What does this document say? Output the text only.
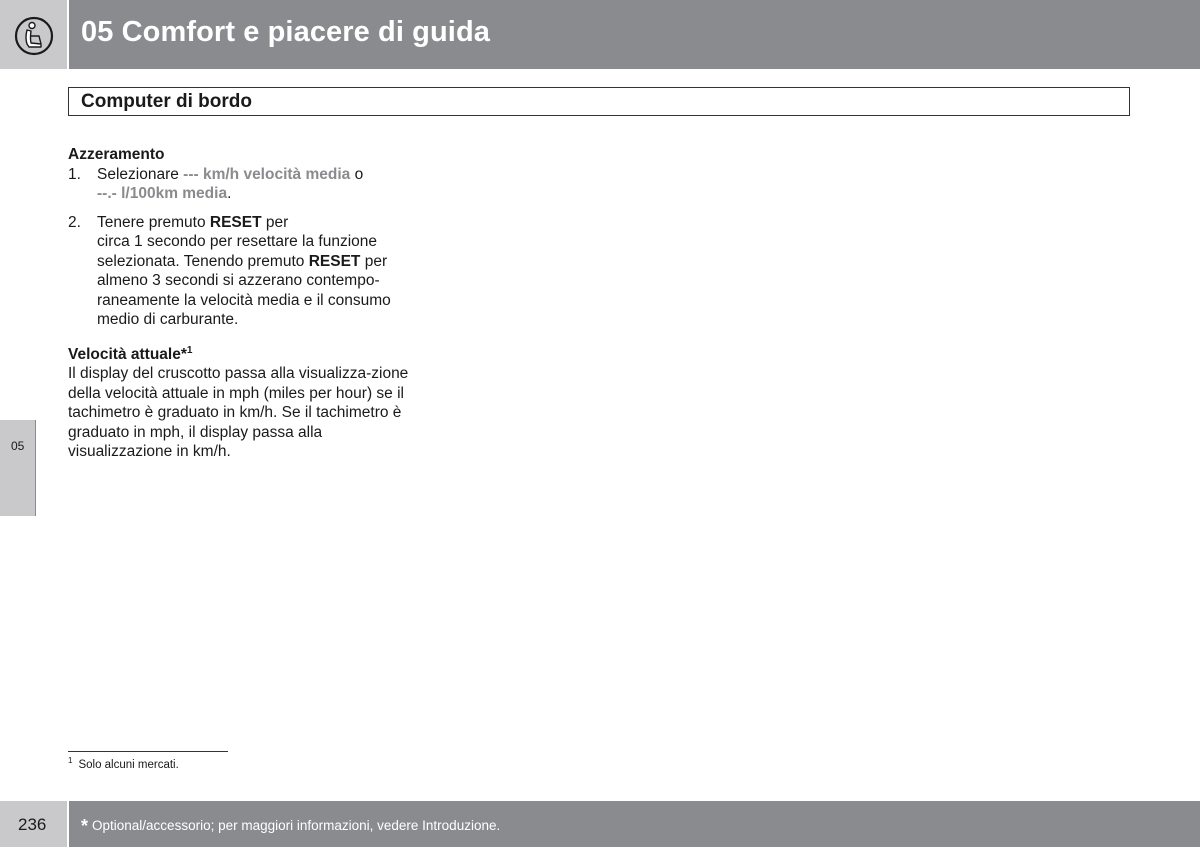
05 Comfort e piacere di guida
Computer di bordo

Azzeramento

1.	Selezionare --- km/h velocità media o
--.- l/100km media.
2.	Tenere premuto RESET per
circa 1 secondo per resettare la funzione selezionata. Tenendo premuto RESET per almeno 3 secondi si azzerano contempo-raneamente la velocità media e il consumo medio di carburante.

Velocità attuale*$^1$

Il display del cruscotto passa alla visualizza-zione della velocità attuale in mph (miles per hour) se il tachimetro è graduato in km/h. Se il tachimetro è graduato in mph, il display passa alla visualizzazione in km/h.

05
$^1$ Solo alcuni mercati.
236 * Optional/accessorio; per maggiori informazioni, vedere Introduzione.
